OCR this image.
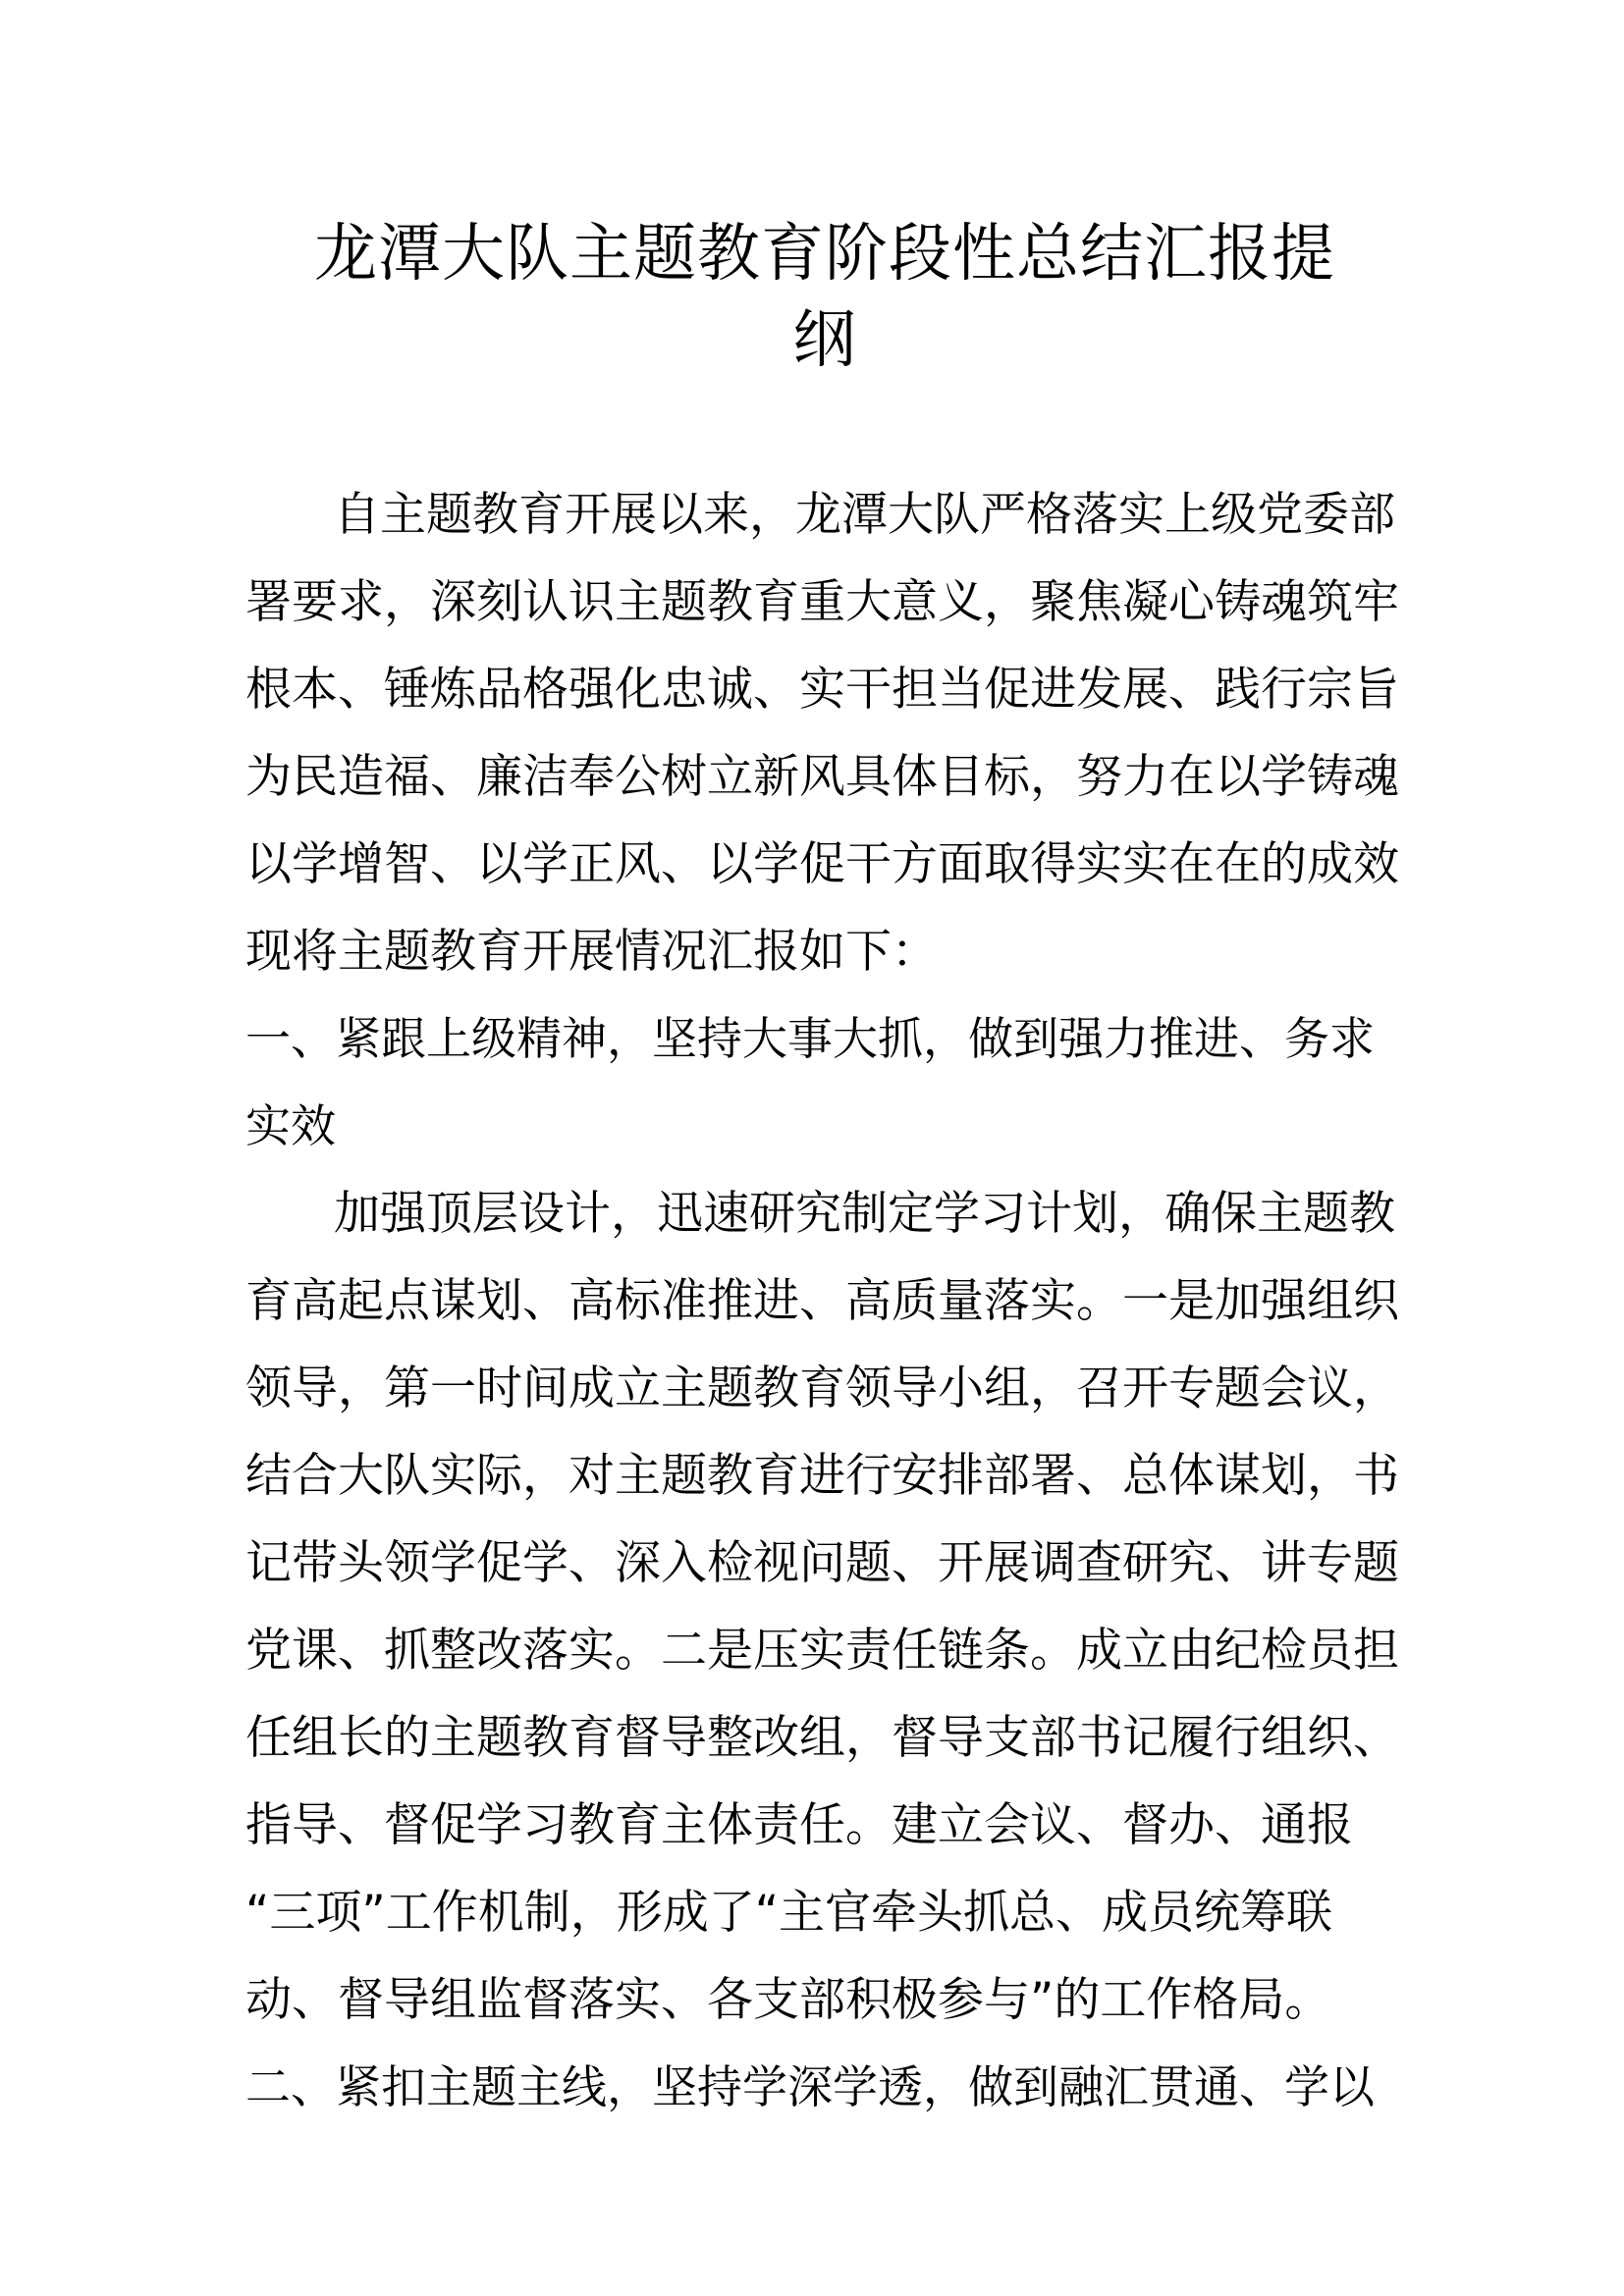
龙潭大队主题教育阶段性总结汇报提
纲
自主题教育开展以来，龙潭大队严格落实上级党委部
署要求，深刻认识主题教育重大意义，聚焦凝心铸魂筑牢
根本、锤炼品格强化忠诚、实干担当促进发展、践行宗旨
为民造福、廉洁奉公树立新风具体目标，努力在以学铸魂
以学增智、以学正风、以学促干方面取得实实在在的成效
现将主题教育开展情况汇报如下：
一、紧跟上级精神，坚持大事大抓，做到强力推进、务求
实效
加强顶层设计，迅速研究制定学习计划，确保主题教
育高起点谋划、高标准推进、高质量落实。一是加强组织
领导，第一时间成立主题教育领导小组，召开专题会议，
结合大队实际，对主题教育进行安排部署、总体谋划，书
记带头领学促学、深入检视问题、开展调查研究、讲专题
党课、抓整改落实。二是压实责任链条。成立由纪检员担
任组长的主题教育督导整改组，督导支部书记履行组织、
指导、督促学习教育主体责任。建立会议、督办、通报
“三项”工作机制，形成了“主官牵头抓总、成员统筹联
动、督导组监督落实、各支部积极参与”的工作格局。
二、紧扣主题主线，坚持学深学透，做到融汇贯通、学以
